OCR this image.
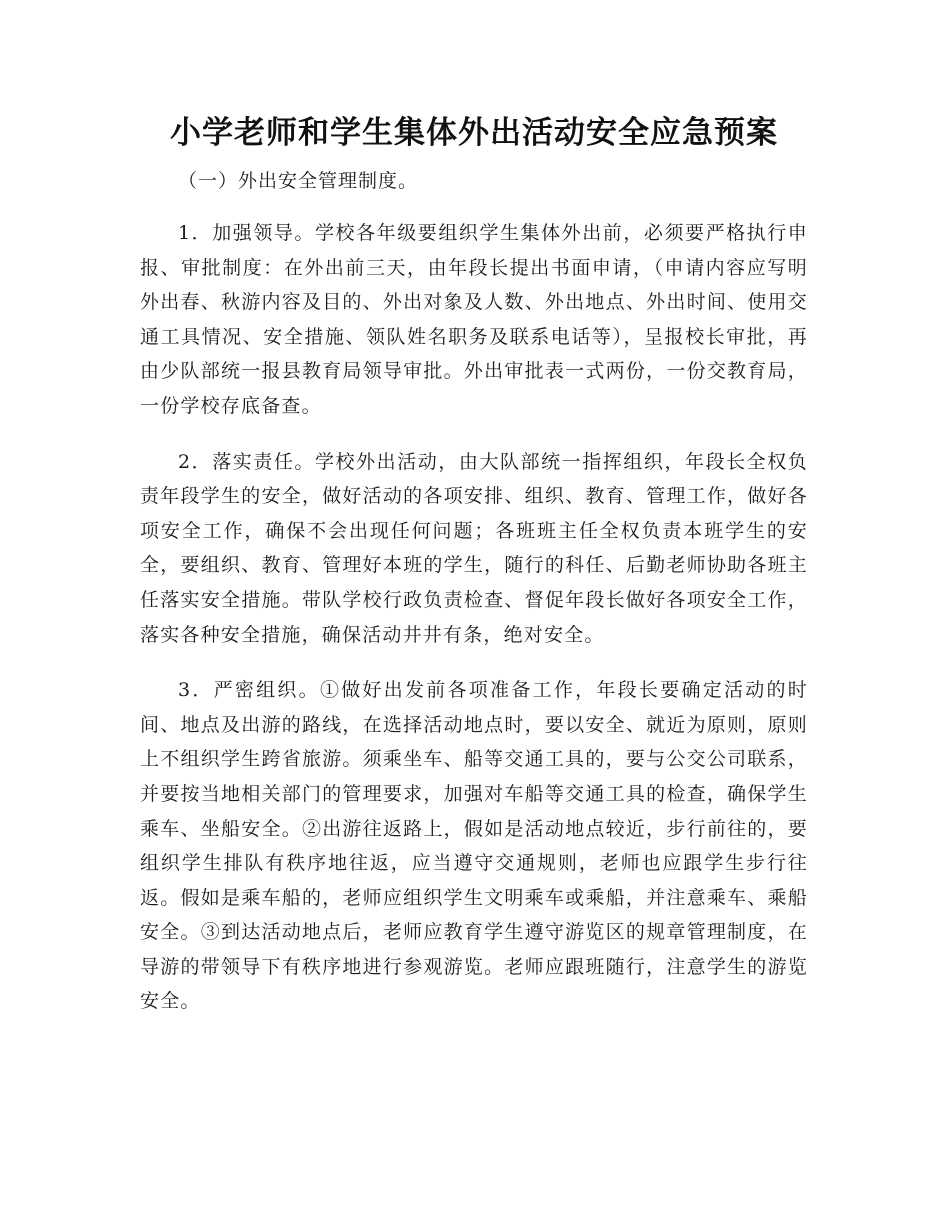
小学老师和学生集体外出活动安全应急预案

（一）外出安全管理制度。

1．加强领导。学校各年级要组织学生集体外出前，必须要严格执行申报、审批制度：在外出前三天，由年段长提出书面申请，（申请内容应写明外出春、秋游内容及目的、外出对象及人数、外出地点、外出时间、使用交通工具情况、安全措施、领队姓名职务及联系电话等），呈报校长审批，再由少队部统一报县教育局领导审批。外出审批表一式两份，一份交教育局，一份学校存底备查。

2．落实责任。学校外出活动，由大队部统一指挥组织，年段长全权负责年段学生的安全，做好活动的各项安排、组织、教育、管理工作，做好各项安全工作，确保不会出现任何问题；各班班主任全权负责本班学生的安全，要组织、教育、管理好本班的学生，随行的科任、后勤老师协助各班主任落实安全措施。带队学校行政负责检查、督促年段长做好各项安全工作，落实各种安全措施，确保活动井井有条，绝对安全。

3．严密组织。①做好出发前各项准备工作，年段长要确定活动的时间、地点及出游的路线，在选择活动地点时，要以安全、就近为原则，原则上不组织学生跨省旅游。须乘坐车、船等交通工具的，要与公交公司联系，并要按当地相关部门的管理要求，加强对车船等交通工具的检查，确保学生乘车、坐船安全。②出游往返路上，假如是活动地点较近，步行前往的，要组织学生排队有秩序地往返，应当遵守交通规则，老师也应跟学生步行往返。假如是乘车船的，老师应组织学生文明乘车或乘船，并注意乘车、乘船安全。③到达活动地点后，老师应教育学生遵守游览区的规章管理制度，在导游的带领导下有秩序地进行参观游览。老师应跟班随行，注意学生的游览安全。
